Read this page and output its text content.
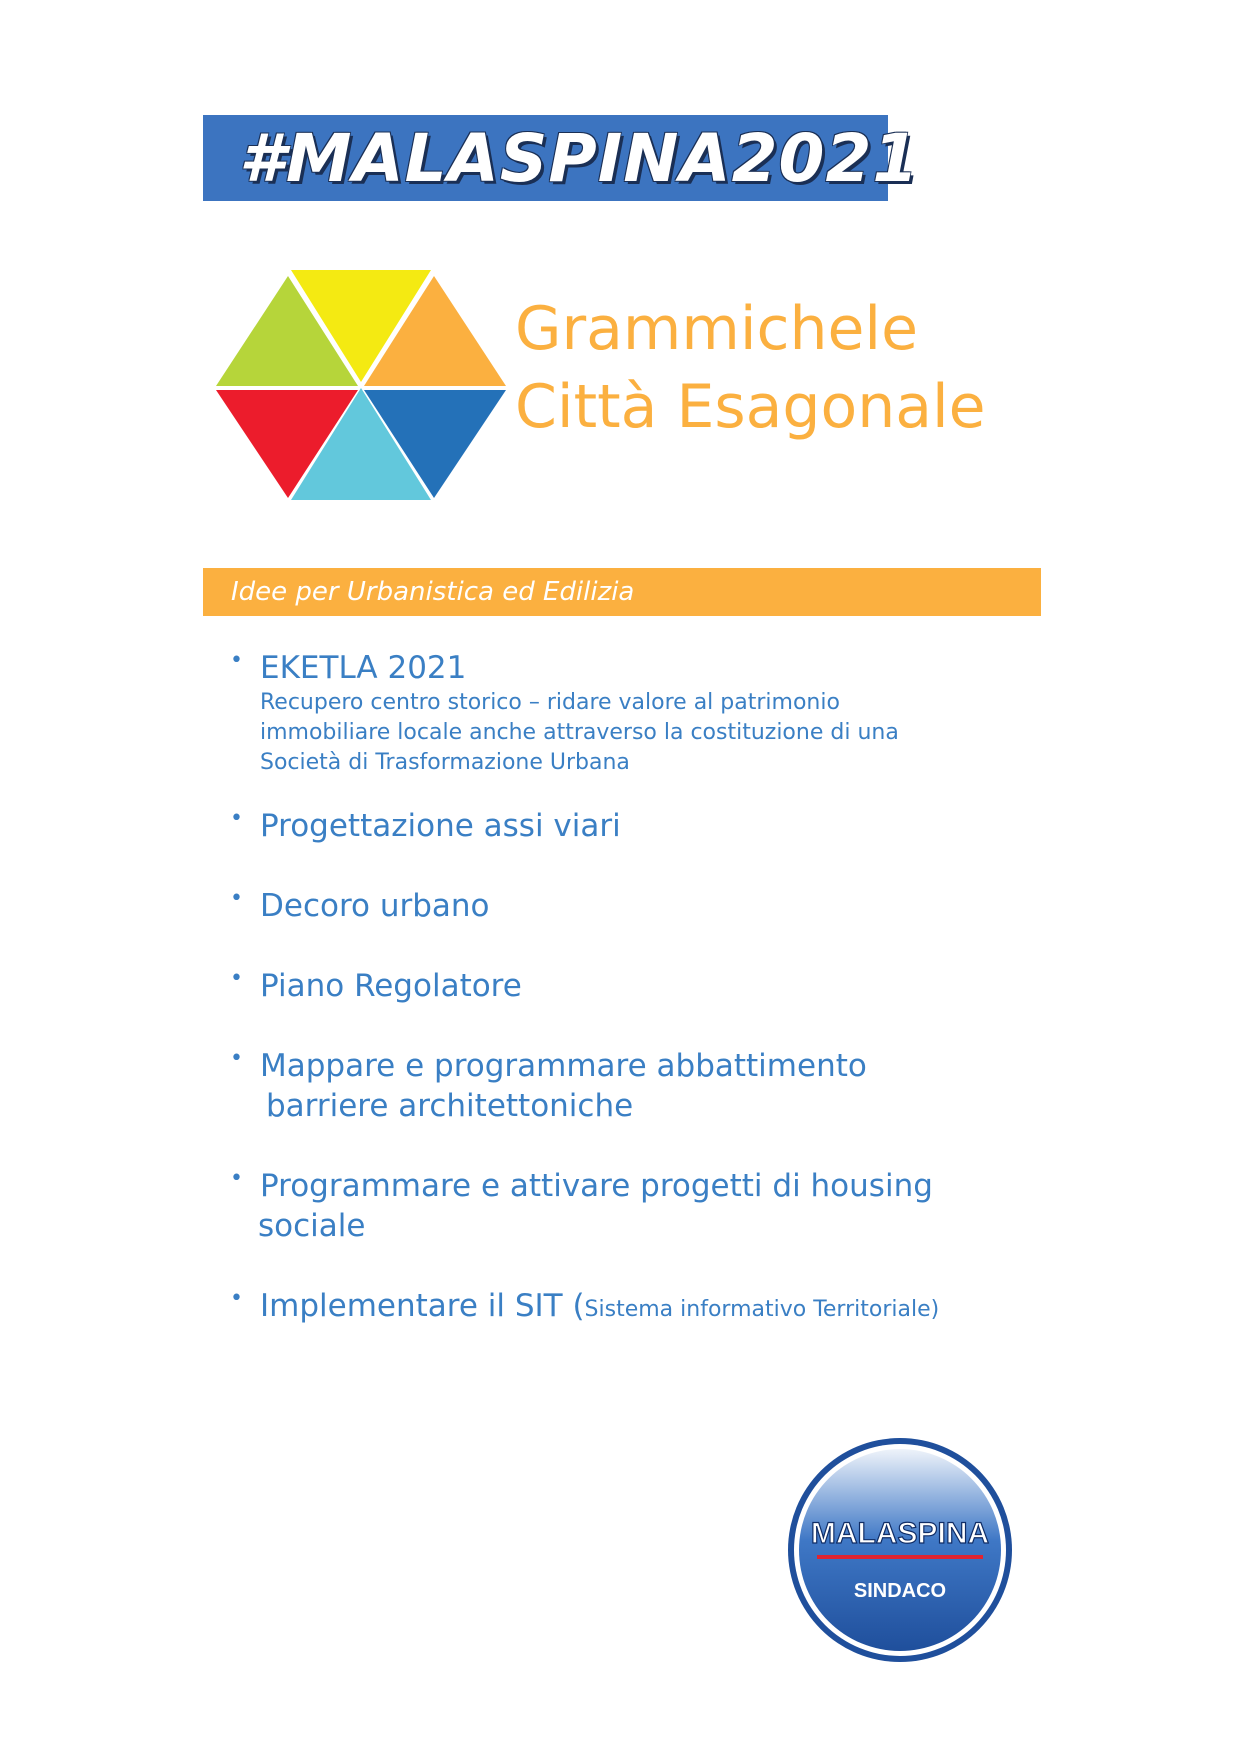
#MALASPINA2021
Grammichele
Città Esagonale
Idee per Urbanistica ed Edilizia
• EKETLA 2021
Recupero centro storico – ridare valore al patrimonio
immobiliare locale anche attraverso la costituzione di una
Società di Trasformazione Urbana
• Progettazione assi viari
• Decoro urbano
• Piano Regolatore
• Mappare e programmare abbattimento
barriere architettoniche
• Programmare e attivare progetti di housing
sociale
• Implementare il SIT (Sistema informativo Territoriale)
MALASPINA
SINDACO
